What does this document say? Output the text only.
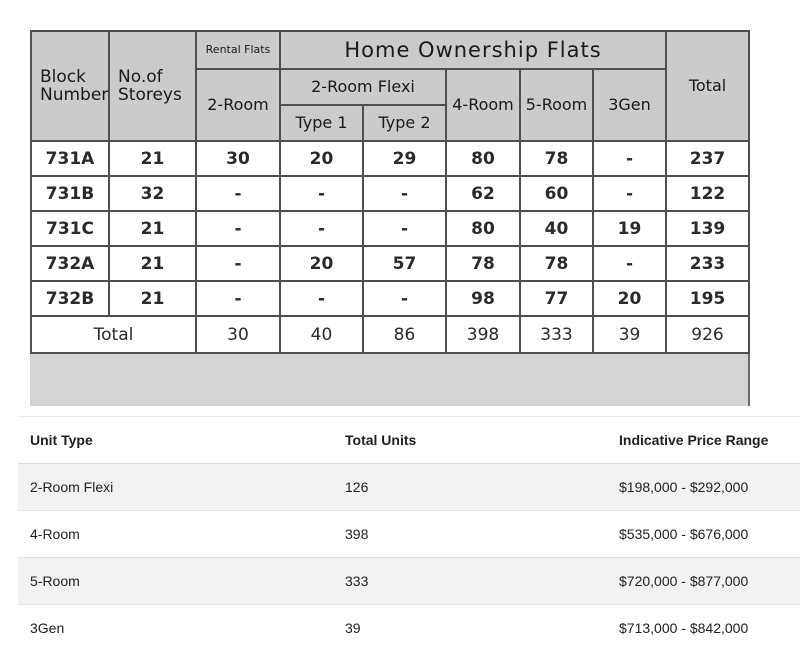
Block Number	No.of Storeys	Rental Flats	Home Ownership Flats					Total
		2-Room	2-Room Flexi		4-Room	5-Room	3Gen	
			Type 1	Type 2				
731A	21	30	20	29	80	78	-	237
731B	32	-	-	-	62	60	-	122
731C	21	-	-	-	80	40	19	139
732A	21	-	20	57	78	78	-	233
732B	21	-	-	-	98	77	20	195
Total		30	40	86	398	333	39	926
Unit Type	Total Units	Indicative Price Range
2-Room Flexi	126	$198,000 - $292,000
4-Room	398	$535,000 - $676,000
5-Room	333	$720,000 - $877,000
3Gen	39	$713,000 - $842,000
